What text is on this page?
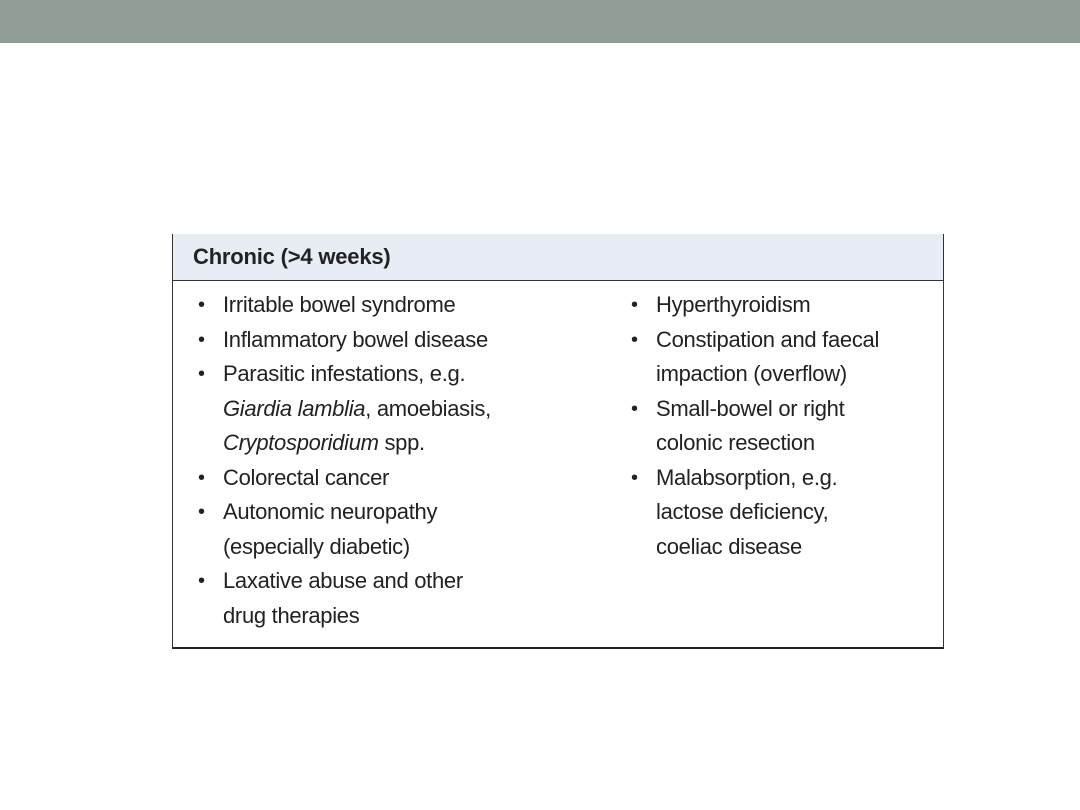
Chronic (>4 weeks)
• Irritable bowel syndrome
• Inflammatory bowel disease
• Parasitic infestations, e.g.
Giardia lamblia, amoebiasis,
Cryptosporidium spp.
• Colorectal cancer
• Autonomic neuropathy
(especially diabetic)
• Laxative abuse and other
drug therapies
• Hyperthyroidism
• Constipation and faecal
impaction (overflow)
• Small-bowel or right
colonic resection
• Malabsorption, e.g.
lactose deficiency,
coeliac disease
